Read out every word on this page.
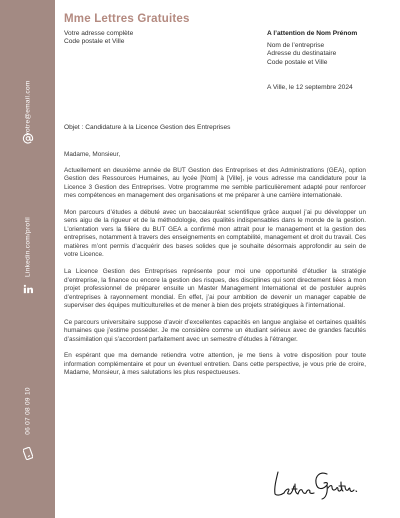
votre@email.com
Linkedin.com/profil
06 07 08 09 10
Mme Lettres Gratuites
Votre adresse complète
Code postale et Ville
A l’attention de Nom Prénom
Nom de l’entreprise
Adresse du destinataire
Code postale et Ville
A Ville, le 12 septembre 2024
Objet : Candidature à la Licence Gestion des Entreprises

Madame, Monsieur,

Actuellement en deuxième année de BUT Gestion des Entreprises et des Administrations (GEA), option Gestion des Ressources Humaines, au lycée [Nom] à [Ville], je vous adresse ma candidature pour la Licence 3 Gestion des Entreprises. Votre programme me semble particulièrement adapté pour renforcer mes compétences en management des organisations et me préparer à une carrière internationale.

Mon parcours d’études a débuté avec un baccalauréat scientifique grâce auquel j’ai pu développer un sens aigu de la rigueur et de la méthodologie, des qualités indispensables dans le monde de la gestion. L’orientation vers la filière du BUT GEA a confirmé mon attrait pour le management et la gestion des entreprises, notamment à travers des enseignements en comptabilité, management et droit du travail. Ces matières m’ont permis d’acquérir des bases solides que je souhaite désormais approfondir au sein de votre Licence.

La Licence Gestion des Entreprises représente pour moi une opportunité d’étudier la stratégie d’entreprise, la finance ou encore la gestion des risques, des disciplines qui sont directement liées à mon projet professionnel de préparer ensuite un Master Management International et de postuler auprès d’entreprises à rayonnement mondial. En effet, j’ai pour ambition de devenir un manager capable de superviser des équipes multiculturelles et de mener à bien des projets stratégiques à l’international.

Ce parcours universitaire suppose d’avoir d’excellentes capacités en langue anglaise et certaines qualités humaines que j’estime posséder. Je me considère comme un étudiant sérieux avec de grandes facultés d’assimilation qui s’accordent parfaitement avec un semestre d’études à l’étranger.

En espérant que ma demande retiendra votre attention, je me tiens à votre disposition pour toute information complémentaire et pour un éventuel entretien. Dans cette perspective, je vous prie de croire, Madame, Monsieur, à mes salutations les plus respectueuses.
